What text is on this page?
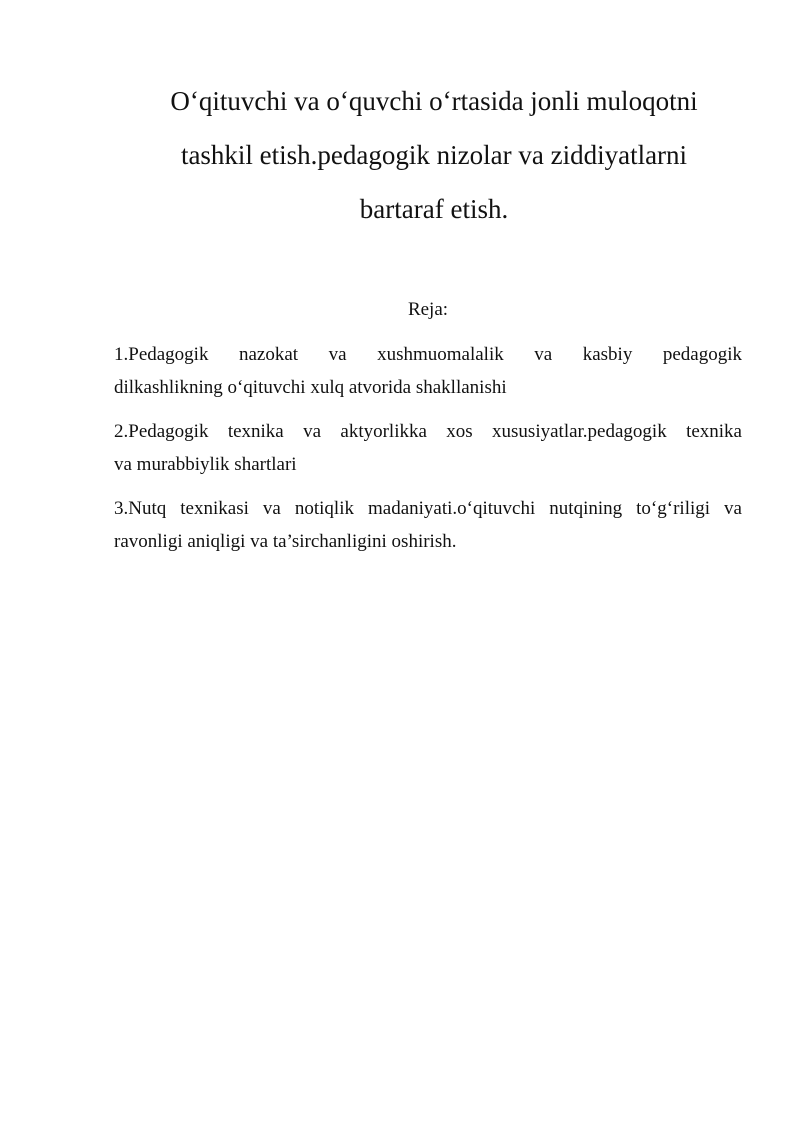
O‘qituvchi va o‘quvchi o‘rtasida jonli muloqotni
tashkil etish.pedagogik nizolar va ziddiyatlarni
bartaraf etish.

Reja:

1.Pedagogik nazokat va xushmuomalalik va kasbiy pedagogik
dilkashlikning o‘qituvchi xulq atvorida shakllanishi
2.Pedagogik texnika va aktyorlikka xos xususiyatlar.pedagogik texnika
va murabbiylik shartlari
3.Nutq texnikasi va notiqlik madaniyati.o‘qituvchi nutqining to‘g‘riligi va
ravonligi aniqligi va ta’sirchanligini oshirish.
